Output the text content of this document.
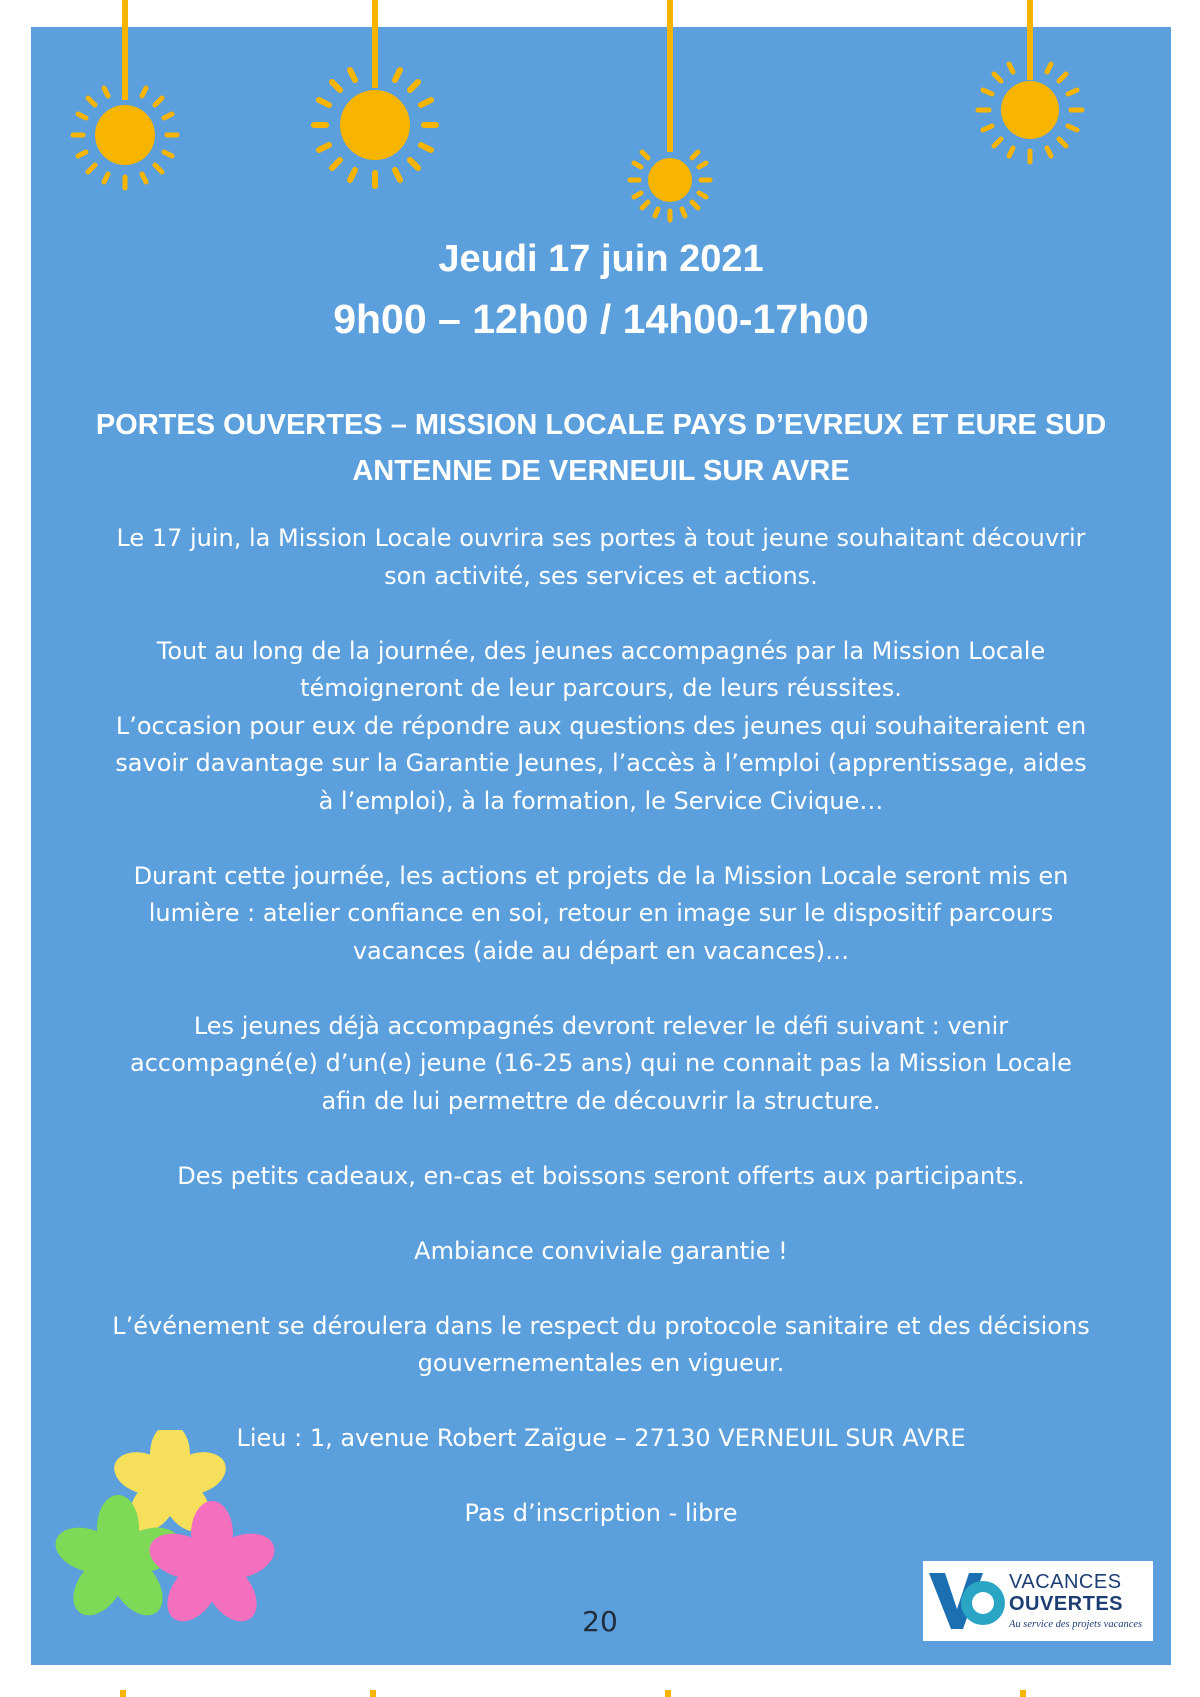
Jeudi 17 juin 2021
9h00 – 12h00 / 14h00-17h00
PORTES OUVERTES – MISSION LOCALE PAYS D’EVREUX ET EURE SUD
ANTENNE DE VERNEUIL SUR AVRE

Le 17 juin, la Mission Locale ouvrira ses portes à tout jeune souhaitant découvrir
son activité, ses services et actions.

Tout au long de la journée, des jeunes accompagnés par la Mission Locale
témoigneront de leur parcours, de leurs réussites.
L’occasion pour eux de répondre aux questions des jeunes qui souhaiteraient en
savoir davantage sur la Garantie Jeunes, l’accès à l’emploi (apprentissage, aides
à l’emploi), à la formation, le Service Civique…

Durant cette journée, les actions et projets de la Mission Locale seront mis en
lumière : atelier confiance en soi, retour en image sur le dispositif parcours
vacances (aide au départ en vacances)…

Les jeunes déjà accompagnés devront relever le défi suivant : venir
accompagné(e) d’un(e) jeune (16-25 ans) qui ne connait pas la Mission Locale
afin de lui permettre de découvrir la structure.

Des petits cadeaux, en-cas et boissons seront offerts aux participants.

Ambiance conviviale garantie !

L’événement se déroulera dans le respect du protocole sanitaire et des décisions
gouvernementales en vigueur.

Lieu : 1, avenue Robert Zaïgue – 27130 VERNEUIL SUR AVRE

Pas d’inscription - libre

20
VACANCES
OUVERTES
Au service des projets vacances
